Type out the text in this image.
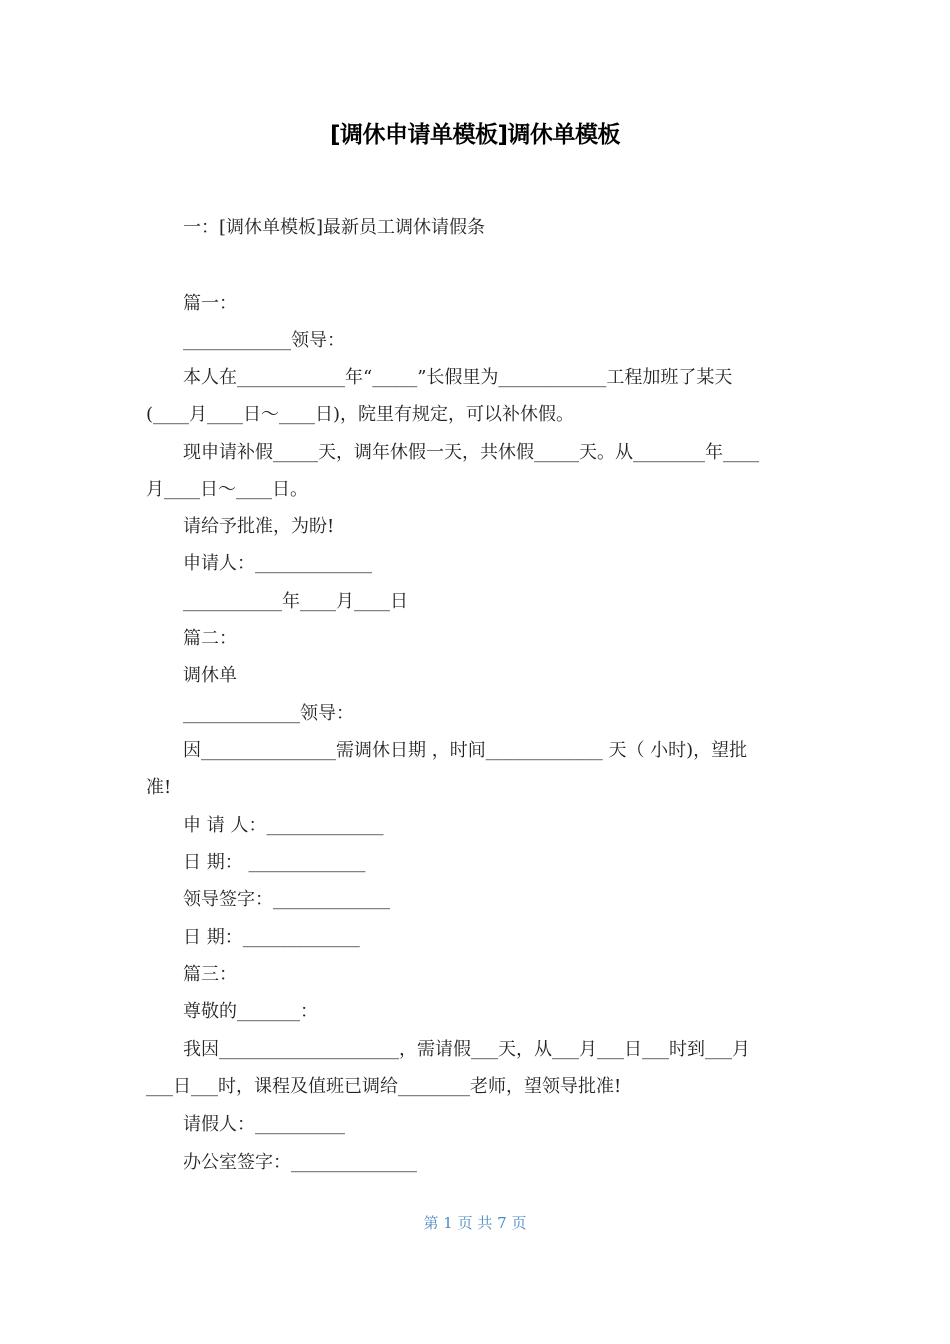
[调休申请单模板]调休单模板

一：[调休单模板]最新员工调休请假条

篇一：

____________领导：

本人在____________年“_____”长假里为____________工程加班了某天

(____月____日～____日)，院里有规定，可以补休假。

现申请补假_____天，调年休假一天，共休假_____天。从________年____

月____日～____日。

请给予批准，为盼!

申请人：_____________

___________年____月____日

篇二：

调休单

_____________领导：

因_______________需调休日期 ，时间_____________ 天（ 小时)，望批

准!

申 请 人：_____________

日 期： _____________

领导签字：_____________

日 期：_____________

篇三：

尊敬的_______：

我因____________________，需请假___天，从___月___日___时到___月

___日___时，课程及值班已调给________老师，望领导批准!

请假人：__________

办公室签字：______________

第 1 页 共 7 页
